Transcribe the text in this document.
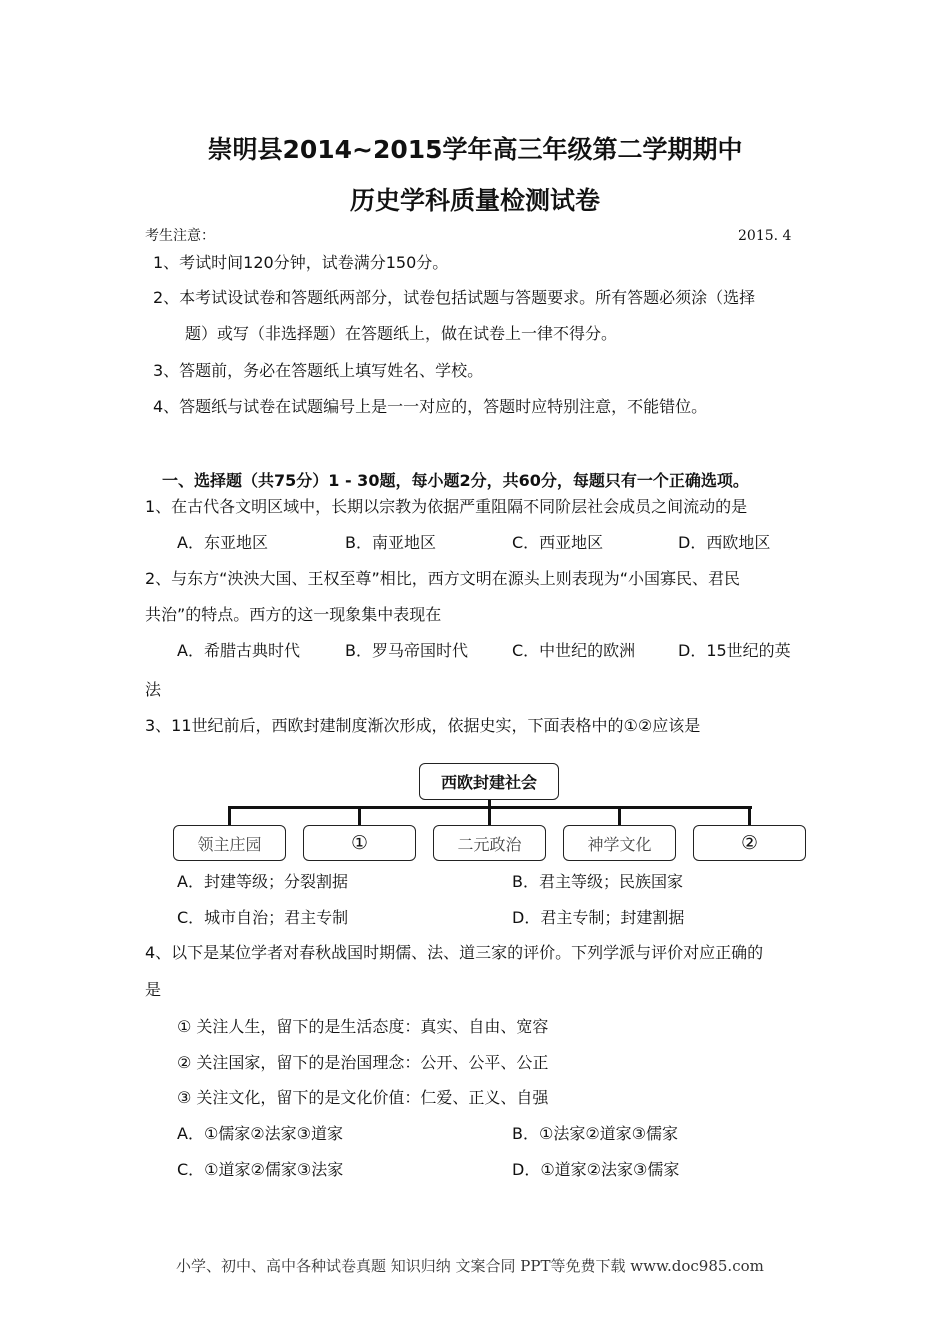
崇明县2014~2015学年高三年级第二学期期中
历史学科质量检测试卷
考生注意：	2015. 4
1、考试时间120分钟，试卷满分150分。
2、本考试设试卷和答题纸两部分，试卷包括试题与答题要求。所有答题必须涂（选择
题）或写（非选择题）在答题纸上，做在试卷上一律不得分。
3、答题前，务必在答题纸上填写姓名、学校。
4、答题纸与试卷在试题编号上是一一对应的，答题时应特别注意，不能错位。
一、选择题（共75分）1 - 30题，每小题2分，共60分，每题只有一个正确选项。
1、在古代各文明区域中，长期以宗教为依据严重阻隔不同阶层社会成员之间流动的是
A．东亚地区	B．南亚地区	C．西亚地区	D．西欧地区
2、与东方“泱泱大国、王权至尊”相比，西方文明在源头上则表现为“小国寡民、君民
共治”的特点。西方的这一现象集中表现在
A．希腊古典时代	B．罗马帝国时代	C．中世纪的欧洲	D．15世纪的英
法
3、11世纪前后，西欧封建制度渐次形成，依据史实，下面表格中的①②应该是
西欧封建社会
领主庄园	①	二元政治	神学文化	②
A．封建等级；分裂割据	B．君主等级；民族国家
C．城市自治；君主专制	D．君主专制；封建割据
4、以下是某位学者对春秋战国时期儒、法、道三家的评价。下列学派与评价对应正确的
是
① 关注人生，留下的是生活态度：真实、自由、宽容
② 关注国家，留下的是治国理念：公开、公平、公正
③ 关注文化，留下的是文化价值：仁爱、正义、自强
A．①儒家②法家③道家	B．①法家②道家③儒家
C．①道家②儒家③法家	D．①道家②法家③儒家
小学、初中、高中各种试卷真题 知识归纳 文案合同 PPT等免费下载 www.doc985.com
